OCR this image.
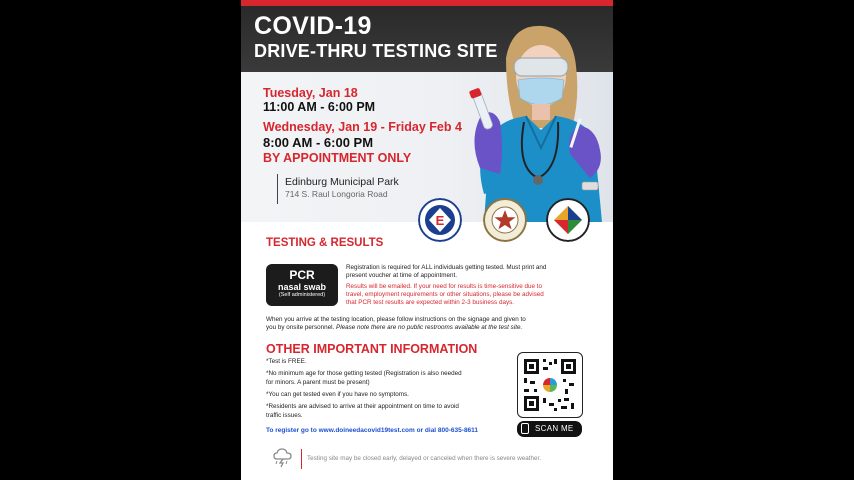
COVID-19
DRIVE-THRU TESTING SITE
Tuesday, Jan 18
11:00 AM - 6:00 PM
Wednesday, Jan 19 - Friday Feb 4
8:00 AM - 6:00 PM
BY APPOINTMENT ONLY
Edinburg Municipal Park
714 S. Raul Longoria Road
E
TESTING & RESULTS
PCR
nasal swab
(Self administered)
Registration is required for ALL individuals getting tested. Must print and
present voucher at time of appointment.
Results will be emailed. If your need for results is time-sensitive due to
travel, employment requirements or other situations, please be advised
that PCR test results are expected within 2-3 business days.
When you arrive at the testing location, please follow instructions on the signage and given to
you by onsite personnel. Please note there are no public restrooms available at the test site.
OTHER IMPORTANT INFORMATION
*Test is FREE.
*No minimum age for those getting tested (Registration is also needed
for minors. A parent must be present)
*You can get tested even if you have no symptoms.
*Residents are advised to arrive at their appointment on time to avoid
traffic issues.
To register go to www.doineedacovid19test.com or dial 800-635-8611	SCAN ME
Testing site may be closed early, delayed or canceled when there is severe weather.
